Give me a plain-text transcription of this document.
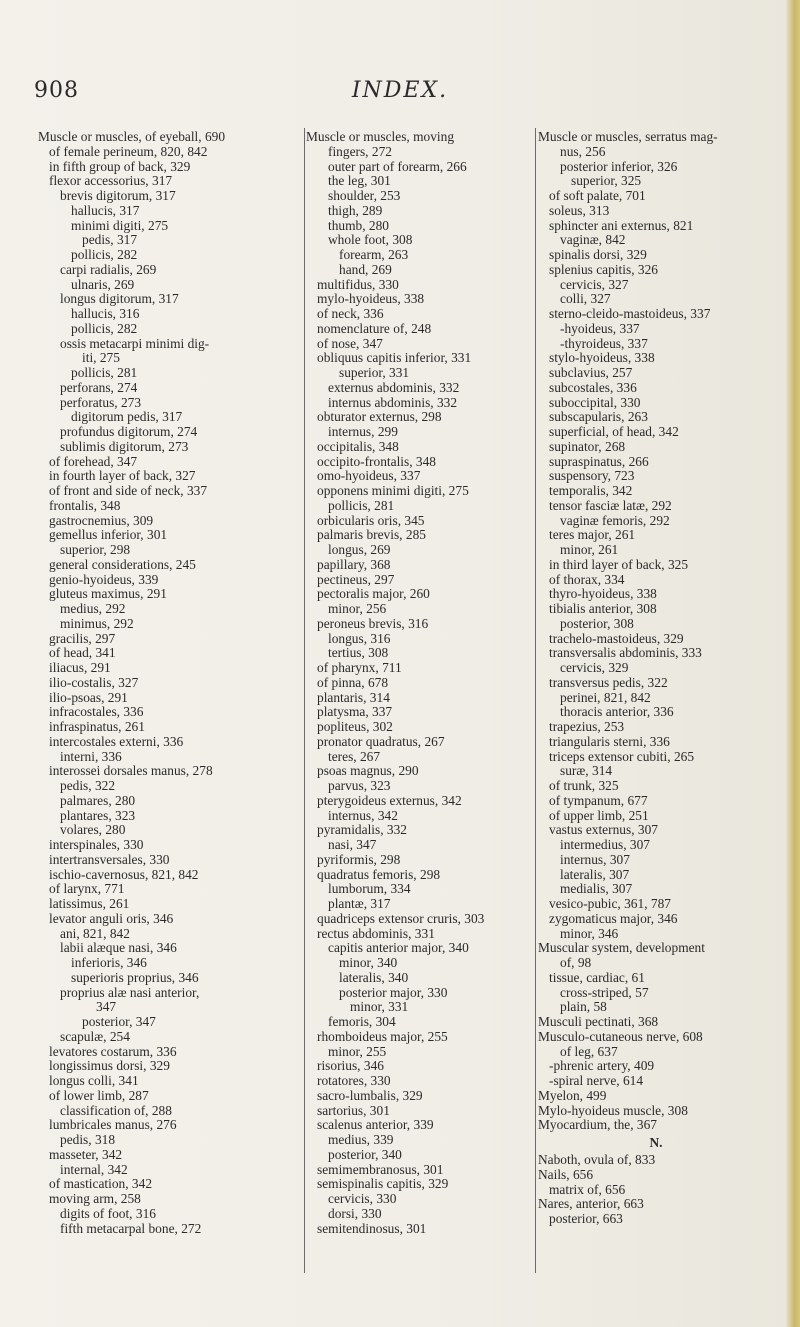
908	INDEX.
Muscle or muscles, of eyeball, 690
of female perineum, 820, 842
in fifth group of back, 329
flexor accessorius, 317
brevis digitorum, 317
hallucis, 317
minimi digiti, 275
pedis, 317
pollicis, 282
carpi radialis, 269
ulnaris, 269
longus digitorum, 317
hallucis, 316
pollicis, 282
ossis metacarpi minimi dig-
iti, 275
pollicis, 281
perforans, 274
perforatus, 273
digitorum pedis, 317
profundus digitorum, 274
sublimis digitorum, 273
of forehead, 347
in fourth layer of back, 327
of front and side of neck, 337
frontalis, 348
gastrocnemius, 309
gemellus inferior, 301
superior, 298
general considerations, 245
genio-hyoideus, 339
gluteus maximus, 291
medius, 292
minimus, 292
gracilis, 297
of head, 341
iliacus, 291
ilio-costalis, 327
ilio-psoas, 291
infracostales, 336
infraspinatus, 261
intercostales externi, 336
interni, 336
interossei dorsales manus, 278
pedis, 322
palmares, 280
plantares, 323
volares, 280
interspinales, 330
intertransversales, 330
ischio-cavernosus, 821, 842
of larynx, 771
latissimus, 261
levator anguli oris, 346
ani, 821, 842
labii alæque nasi, 346
inferioris, 346
superioris proprius, 346
proprius alæ nasi anterior,
347
posterior, 347
scapulæ, 254
levatores costarum, 336
longissimus dorsi, 329
longus colli, 341
of lower limb, 287
classification of, 288
lumbricales manus, 276
pedis, 318
masseter, 342
internal, 342
of mastication, 342
moving arm, 258
digits of foot, 316
fifth metacarpal bone, 272
Muscle or muscles, moving
fingers, 272
outer part of forearm, 266
the leg, 301
shoulder, 253
thigh, 289
thumb, 280
whole foot, 308
forearm, 263
hand, 269
multifidus, 330
mylo-hyoideus, 338
of neck, 336
nomenclature of, 248
of nose, 347
obliquus capitis inferior, 331
superior, 331
externus abdominis, 332
internus abdominis, 332
obturator externus, 298
internus, 299
occipitalis, 348
occipito-frontalis, 348
omo-hyoideus, 337
opponens minimi digiti, 275
pollicis, 281
orbicularis oris, 345
palmaris brevis, 285
longus, 269
papillary, 368
pectineus, 297
pectoralis major, 260
minor, 256
peroneus brevis, 316
longus, 316
tertius, 308
of pharynx, 711
of pinna, 678
plantaris, 314
platysma, 337
popliteus, 302
pronator quadratus, 267
teres, 267
psoas magnus, 290
parvus, 323
pterygoideus externus, 342
internus, 342
pyramidalis, 332
nasi, 347
pyriformis, 298
quadratus femoris, 298
lumborum, 334
plantæ, 317
quadriceps extensor cruris, 303
rectus abdominis, 331
capitis anterior major, 340
minor, 340
lateralis, 340
posterior major, 330
minor, 331
femoris, 304
rhomboideus major, 255
minor, 255
risorius, 346
rotatores, 330
sacro-lumbalis, 329
sartorius, 301
scalenus anterior, 339
medius, 339
posterior, 340
semimembranosus, 301
semispinalis capitis, 329
cervicis, 330
dorsi, 330
semitendinosus, 301
Muscle or muscles, serratus mag-
nus, 256
posterior inferior, 326
superior, 325
of soft palate, 701
soleus, 313
sphincter ani externus, 821
vaginæ, 842
spinalis dorsi, 329
splenius capitis, 326
cervicis, 327
colli, 327
sterno-cleido-mastoideus, 337
-hyoideus, 337
-thyroideus, 337
stylo-hyoideus, 338
subclavius, 257
subcostales, 336
suboccipital, 330
subscapularis, 263
superficial, of head, 342
supinator, 268
supraspinatus, 266
suspensory, 723
temporalis, 342
tensor fasciæ latæ, 292
vaginæ femoris, 292
teres major, 261
minor, 261
in third layer of back, 325
of thorax, 334
thyro-hyoideus, 338
tibialis anterior, 308
posterior, 308
trachelo-mastoideus, 329
transversalis abdominis, 333
cervicis, 329
transversus pedis, 322
perinei, 821, 842
thoracis anterior, 336
trapezius, 253
triangularis sterni, 336
triceps extensor cubiti, 265
suræ, 314
of trunk, 325
of tympanum, 677
of upper limb, 251
vastus externus, 307
intermedius, 307
internus, 307
lateralis, 307
medialis, 307
vesico-pubic, 361, 787
zygomaticus major, 346
minor, 346
Muscular system, development
of, 98
tissue, cardiac, 61
cross-striped, 57
plain, 58
Musculi pectinati, 368
Musculo-cutaneous nerve, 608
of leg, 637
-phrenic artery, 409
-spiral nerve, 614
Myelon, 499
Mylo-hyoideus muscle, 308
Myocardium, the, 367
N.
Naboth, ovula of, 833
Nails, 656
matrix of, 656
Nares, anterior, 663
posterior, 663
